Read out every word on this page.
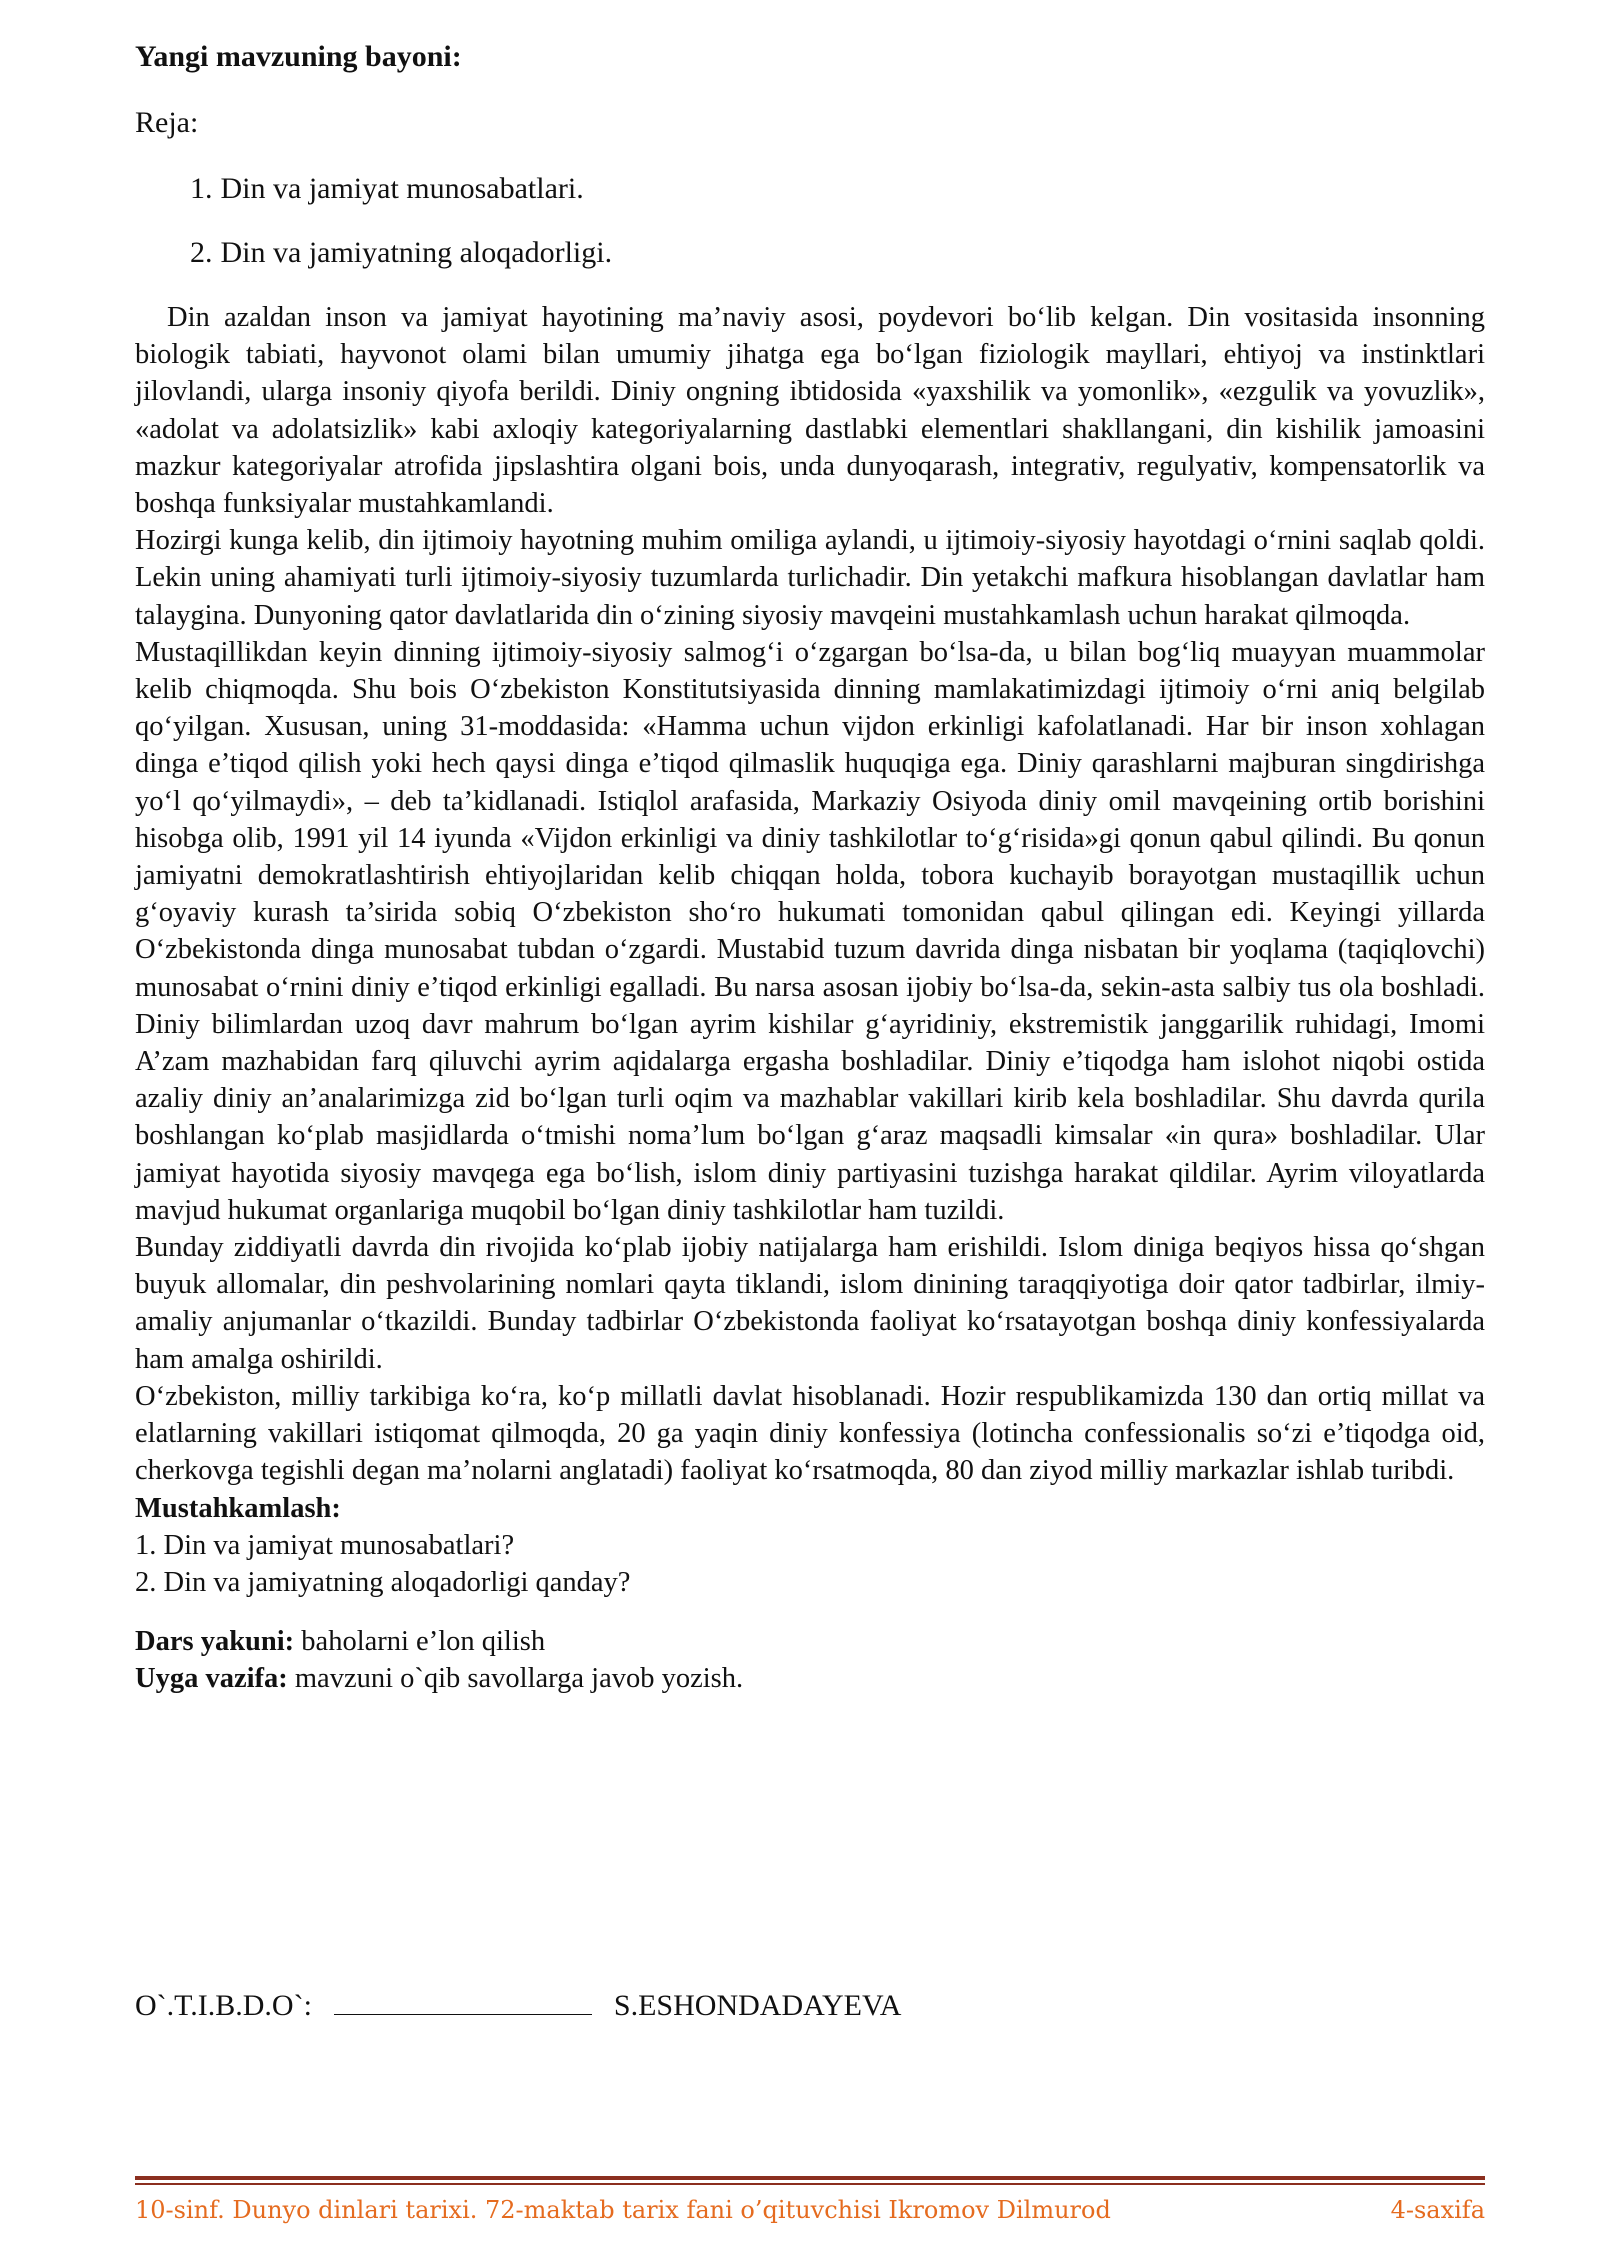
Yangi mavzuning bayoni:
Reja:
1. Din va jamiyat munosabatlari.
2. Din va jamiyatning aloqadorligi.

Din azaldan inson va jamiyat hayotining ma’naviy asosi, poydevori bo‘lib kelgan. Din vositasida insonning biologik tabiati, hayvonot olami bilan umumiy jihatga ega bo‘lgan fiziologik mayllari, ehtiyoj va instinktlari jilovlandi, ularga insoniy qiyofa berildi. Diniy ongning ibtidosida «yaxshilik va yomonlik», «ezgulik va yovuzlik», «adolat va adolatsizlik» kabi axloqiy kategoriyalarning dastlabki elementlari shakllangani, din kishilik jamoasini mazkur kategoriyalar atrofida jipslashtira olgani bois, unda dunyoqarash, integrativ, regulyativ, kompensatorlik va boshqa funksiyalar mustahkamlandi.

Hozirgi kunga kelib, din ijtimoiy hayotning muhim omiliga aylandi, u ijtimoiy-siyosiy hayotdagi o‘rnini saqlab qoldi. Lekin uning ahamiyati turli ijtimoiy-siyosiy tuzumlarda turlichadir. Din yetakchi mafkura hisoblangan davlatlar ham talaygina. Dunyoning qator davlatlarida din o‘zining siyosiy mavqeini mustahkamlash uchun harakat qilmoqda.

Mustaqillikdan keyin dinning ijtimoiy-siyosiy salmog‘i o‘zgargan bo‘lsa-da, u bilan bog‘liq muayyan muammolar kelib chiqmoqda. Shu bois O‘zbekiston Konstitutsiyasida dinning mamlakatimizdagi ijtimoiy o‘rni aniq belgilab qo‘yilgan. Xususan, uning 31-moddasida: «Hamma uchun vijdon erkinligi kafolatlanadi. Har bir inson xohlagan dinga e’tiqod qilish yoki hech qaysi dinga e’tiqod qilmaslik huquqiga ega. Diniy qarashlarni majburan singdirishga yo‘l qo‘yilmaydi», – deb ta’kidlanadi. Istiqlol arafasida, Markaziy Osiyoda diniy omil mavqeining ortib borishini hisobga olib, 1991 yil 14 iyunda «Vijdon erkinligi va diniy tashkilotlar to‘g‘risida»gi qonun qabul qilindi. Bu qonun jamiyatni demokratlashtirish ehtiyojlaridan kelib chiqqan holda, tobora kuchayib borayotgan mustaqillik uchun g‘oyaviy kurash ta’sirida sobiq O‘zbekiston sho‘ro hukumati tomonidan qabul qilingan edi. Keyingi yillarda O‘zbekistonda dinga munosabat tubdan o‘zgardi. Mustabid tuzum davrida dinga nisbatan bir yoqlama (taqiqlovchi) munosabat o‘rnini diniy e’tiqod erkinligi egalladi. Bu narsa asosan ijobiy bo‘lsa-da, sekin-asta salbiy tus ola boshladi. Diniy bilimlardan uzoq davr mahrum bo‘lgan ayrim kishilar g‘ayridiniy, ekstremistik janggarilik ruhidagi, Imomi A’zam mazhabidan farq qiluvchi ayrim aqidalarga ergasha boshladilar. Diniy e’tiqodga ham islohot niqobi ostida azaliy diniy an’analarimizga zid bo‘lgan turli oqim va mazhablar vakillari kirib kela boshladilar. Shu davrda qurila boshlangan ko‘plab masjidlarda o‘tmishi noma’lum bo‘lgan g‘araz maqsadli kimsalar «in qura» boshladilar. Ular jamiyat hayotida siyosiy mavqega ega bo‘lish, islom diniy partiyasini tuzishga harakat qildilar. Ayrim viloyatlarda mavjud hukumat organlariga muqobil bo‘lgan diniy tashkilotlar ham tuzildi.

Bunday ziddiyatli davrda din rivojida ko‘plab ijobiy natijalarga ham erishildi. Islom diniga beqiyos hissa qo‘shgan buyuk allomalar, din peshvolarining nomlari qayta tiklandi, islom dinining taraqqiyotiga doir qator tadbirlar, ilmiy-amaliy anjumanlar o‘tkazildi. Bunday tadbirlar O‘zbekistonda faoliyat ko‘rsatayotgan boshqa diniy konfessiyalarda ham amalga oshirildi.

O‘zbekiston, milliy tarkibiga ko‘ra, ko‘p millatli davlat hisoblanadi. Hozir respublikamizda 130 dan ortiq millat va elatlarning vakillari istiqomat qilmoqda, 20 ga yaqin diniy konfessiya (lotincha confessionalis so‘zi e’tiqodga oid, cherkovga tegishli degan ma’nolarni anglatadi) faoliyat ko‘rsatmoqda, 80 dan ziyod milliy markazlar ishlab turibdi.

Mustahkamlash:

1. Din va jamiyat munosabatlari?

2. Din va jamiyatning aloqadorligi qanday?

Dars yakuni: baholarni e’lon qilish

Uyga vazifa: mavzuni o`qib savollarga javob yozish.

O`.T.I.B.D.O`:	S.ESHONDADAYEVA
10-sinf. Dunyo dinlari tarixi. 72-maktab tarix fani o’qituvchisi Ikromov Dilmurod	4-saxifa
